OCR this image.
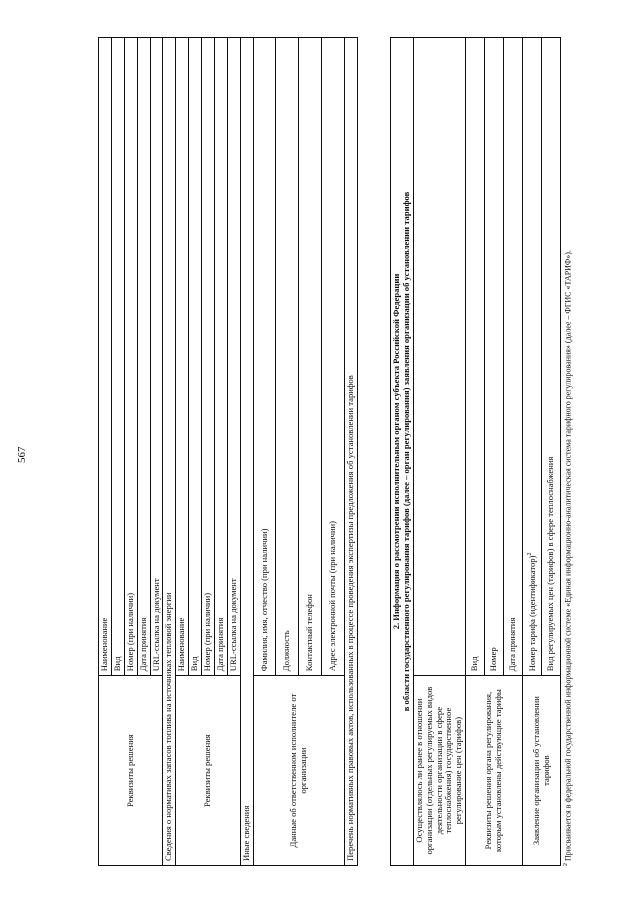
567
Реквизиты решения	Наименование
	Вид
	Номер (при наличии)
	Дата принятия
	URL-ссылка на документ
Сведения о нормативах запасов топлива на источниках тепловой энергии	
Реквизиты решения	Наименование
	Вид
	Номер (при наличии)
	Дата принятия
	URL-ссылка на документ
Иные сведения	
Данные об ответственном исполнителе от организации	Фамилия, имя, отчество (при наличии)
	Должность
	Контактный телефон
	Адрес электронной почты (при наличии)
Перечень нормативных правовых актов, использованных в процессе проведения экспертизы предложения об установлении тарифов		2. Информация о рассмотрении исполнительным органом субъекта Российской Федерации в области государственного регулирования тарифов (далее – орган регулирования) заявления организации об установлении тарифов	

Осуществлялось ли ранее в отношении организации (отдельных регулируемых видов деятельности организации в сфере теплоснабжения) государственное регулирование цен (тарифов)	
Реквизиты решения органа регулирования, которым установлены действующие тарифы	Вид
	Номер
	Дата принятия
Заявление организации об установлении тарифов	Номер тарифа (идентификатор)$^2$
	Вид регулируемых цен (тарифов) в сфере теплоснабжения
$^2$ Присваивается в федеральной государственной информационной системе «Единая информационно-аналитическая система тарифного регулирования» (далее – ФГИС «ТАРИФ»).
